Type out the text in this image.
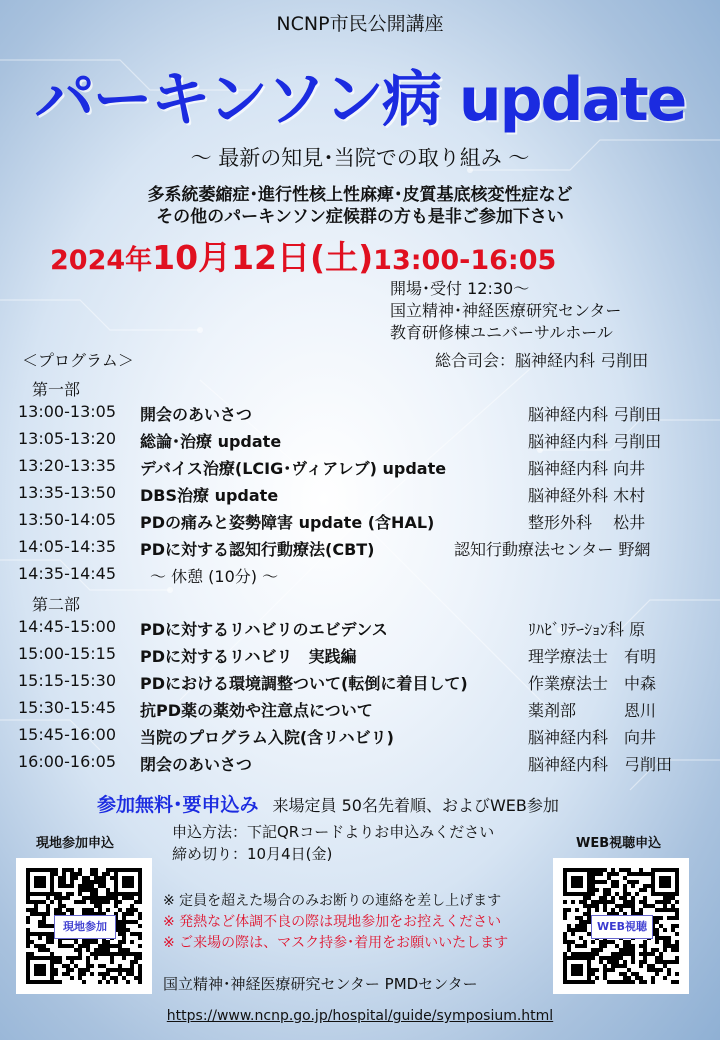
NCNP市民公開講座
パーキンソン病 update
〜 最新の知見･当院での取り組み 〜
多系統萎縮症･進行性核上性麻痺･皮質基底核変性症など
その他のパーキンソン症候群の方も是非ご参加下さい
2024年10月12日(土)13:00-16:05
開場･受付 12:30〜
国立精神･神経医療研究センター
教育研修棟ユニバーサルホール
＜プログラム＞	総合司会：脳神経内科 弓削田
第一部
13:00-13:05 開会のあいさつ	脳神経内科 弓削田
13:05-13:20 総論･治療 update	脳神経内科 弓削田
13:20-13:35 デバイス治療(LCIG･ヴィアレブ) update	脳神経内科 向井
13:35-13:50 DBS治療 update	脳神経外科 木村
13:50-14:05 PDの痛みと姿勢障害 update (含HAL)	整形外科　 松井
14:05-14:35 PDに対する認知行動療法(CBT)	認知行動療法センター 野網
14:35-14:45 〜 休憩 (10分) 〜
第二部
14:45-15:00 PDに対するリハビリのエビデンス	ﾘﾊﾋﾞﾘﾃｰｼｮﾝ科 原
15:00-15:15 PDに対するリハビリ　実践編	理学療法士　有明
15:15-15:30 PDにおける環境調整ついて(転倒に着目して)	作業療法士　中森
15:30-15:45 抗PD薬の薬効や注意点について	薬剤部　　　恩川
15:45-16:00 当院のプログラム入院(含リハビリ)	脳神経内科　向井
16:00-16:05 閉会のあいさつ	脳神経内科　弓削田
参加無料･要申込み 来場定員 50名先着順、およびWEB参加
現地参加申込	WEB視聴申込
申込方法：下記QRコードよりお申込みください
締め切り：10月4日(金)
現地参加	WEB視聴
※ 定員を超えた場合のみお断りの連絡を差し上げます
※ 発熱など体調不良の際は現地参加をお控えください
※ ご来場の際は、マスク持参･着用をお願いいたします
国立精神･神経医療研究センター PMDセンター
https://www.ncnp.go.jp/hospital/guide/symposium.html
